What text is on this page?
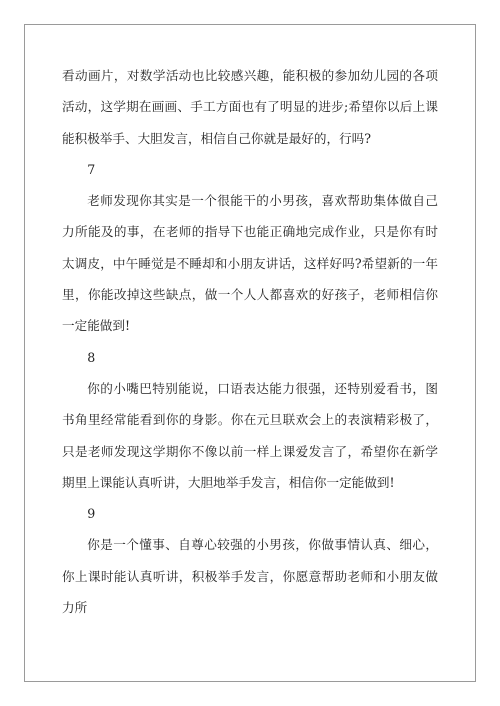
看动画片，对数学活动也比较感兴趣，能积极的参加幼儿园的各项活动，这学期在画画、手工方面也有了明显的进步;希望你以后上课能积极举手、大胆发言，相信自己你就是最好的，行吗?

7

老师发现你其实是一个很能干的小男孩，喜欢帮助集体做自己力所能及的事，在老师的指导下也能正确地完成作业，只是你有时太调皮，中午睡觉是不睡却和小朋友讲话，这样好吗?希望新的一年里，你能改掉这些缺点，做一个人人都喜欢的好孩子，老师相信你一定能做到!

8

你的小嘴巴特别能说，口语表达能力很强，还特别爱看书，图书角里经常能看到你的身影。你在元旦联欢会上的表演精彩极了，只是老师发现这学期你不像以前一样上课爱发言了，希望你在新学期里上课能认真听讲，大胆地举手发言，相信你一定能做到!

9

你是一个懂事、自尊心较强的小男孩，你做事情认真、细心，你上课时能认真听讲，积极举手发言，你愿意帮助老师和小朋友做力所
